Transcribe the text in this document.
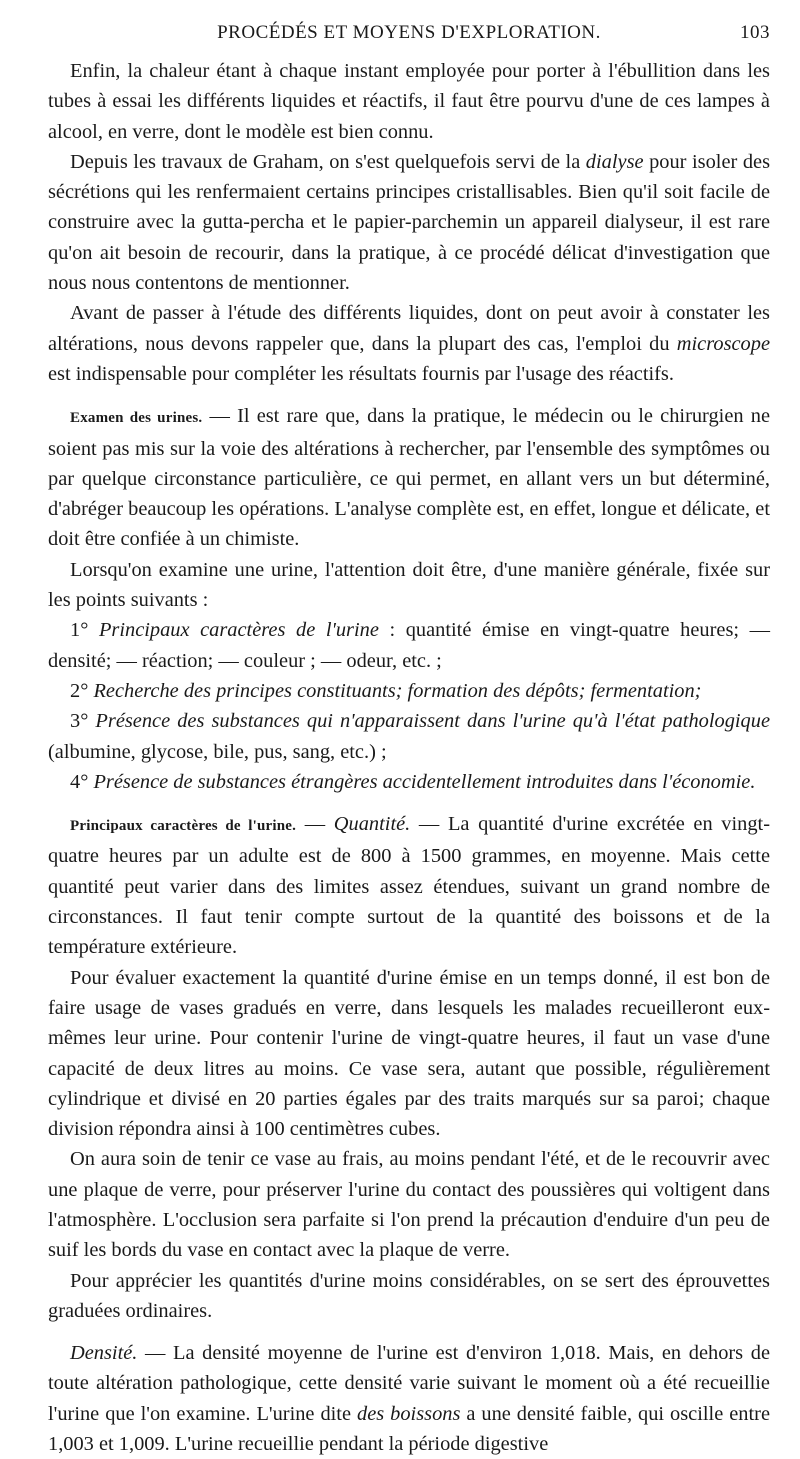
PROCÉDÉS ET MOYENS D'EXPLORATION.	103

Enfin, la chaleur étant à chaque instant employée pour porter à l'ébullition dans les tubes à essai les différents liquides et réactifs, il faut être pourvu d'une de ces lampes à alcool, en verre, dont le modèle est bien connu.

Depuis les travaux de Graham, on s'est quelquefois servi de la dialyse pour isoler des sécrétions qui les renfermaient certains principes cristallisables. Bien qu'il soit facile de construire avec la gutta-percha et le papier-parchemin un appareil dialyseur, il est rare qu'on ait besoin de recourir, dans la pratique, à ce procédé délicat d'investigation que nous nous contentons de mentionner.

Avant de passer à l'étude des différents liquides, dont on peut avoir à constater les altérations, nous devons rappeler que, dans la plupart des cas, l'emploi du microscope est indispensable pour compléter les résultats fournis par l'usage des réactifs.

Examen des urines. — Il est rare que, dans la pratique, le médecin ou le chirurgien ne soient pas mis sur la voie des altérations à rechercher, par l'ensemble des symptômes ou par quelque circonstance particulière, ce qui permet, en allant vers un but déterminé, d'abréger beaucoup les opérations. L'analyse complète est, en effet, longue et délicate, et doit être confiée à un chimiste.

Lorsqu'on examine une urine, l'attention doit être, d'une manière générale, fixée sur les points suivants :

1° Principaux caractères de l'urine : quantité émise en vingt-quatre heures; — densité; — réaction; — couleur ; — odeur, etc. ;

2° Recherche des principes constituants; formation des dépôts; fermentation;

3° Présence des substances qui n'apparaissent dans l'urine qu'à l'état pathologique (albumine, glycose, bile, pus, sang, etc.) ;

4° Présence de substances étrangères accidentellement introduites dans l'économie.

Principaux caractères de l'urine. — Quantité. — La quantité d'urine excrétée en vingt-quatre heures par un adulte est de 800 à 1500 grammes, en moyenne. Mais cette quantité peut varier dans des limites assez étendues, suivant un grand nombre de circonstances. Il faut tenir compte surtout de la quantité des boissons et de la température extérieure.

Pour évaluer exactement la quantité d'urine émise en un temps donné, il est bon de faire usage de vases gradués en verre, dans lesquels les malades recueilleront eux-mêmes leur urine. Pour contenir l'urine de vingt-quatre heures, il faut un vase d'une capacité de deux litres au moins. Ce vase sera, autant que possible, régulièrement cylindrique et divisé en 20 parties égales par des traits marqués sur sa paroi; chaque division répondra ainsi à 100 centimètres cubes.

On aura soin de tenir ce vase au frais, au moins pendant l'été, et de le recouvrir avec une plaque de verre, pour préserver l'urine du contact des poussières qui voltigent dans l'atmosphère. L'occlusion sera parfaite si l'on prend la précaution d'enduire d'un peu de suif les bords du vase en contact avec la plaque de verre.

Pour apprécier les quantités d'urine moins considérables, on se sert des éprouvettes graduées ordinaires.

Densité. — La densité moyenne de l'urine est d'environ 1,018. Mais, en dehors de toute altération pathologique, cette densité varie suivant le moment où a été recueillie l'urine que l'on examine. L'urine dite des boissons a une densité faible, qui oscille entre 1,003 et 1,009. L'urine recueillie pendant la période digestive
